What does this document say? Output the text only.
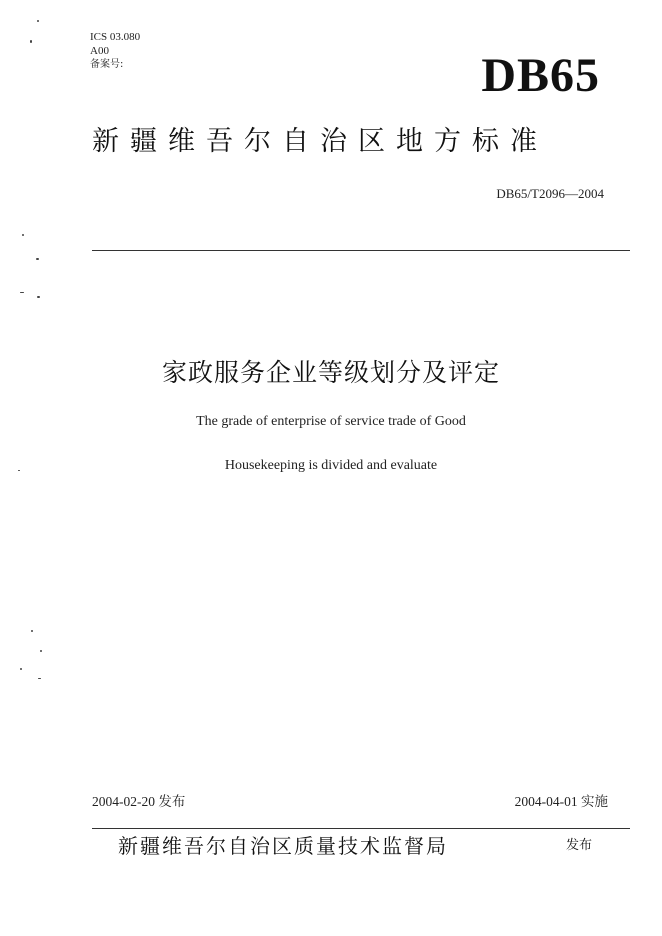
ICS 03.080
A00
备案号:	DB65
新疆维吾尔自治区地方标准
DB65/T2096—2004
家政服务企业等级划分及评定
The grade of enterprise of service trade of Good
Housekeeping is divided and evaluate
2004-02-20 发布	2004-04-01 实施
新疆维吾尔自治区质量技术监督局	发布
